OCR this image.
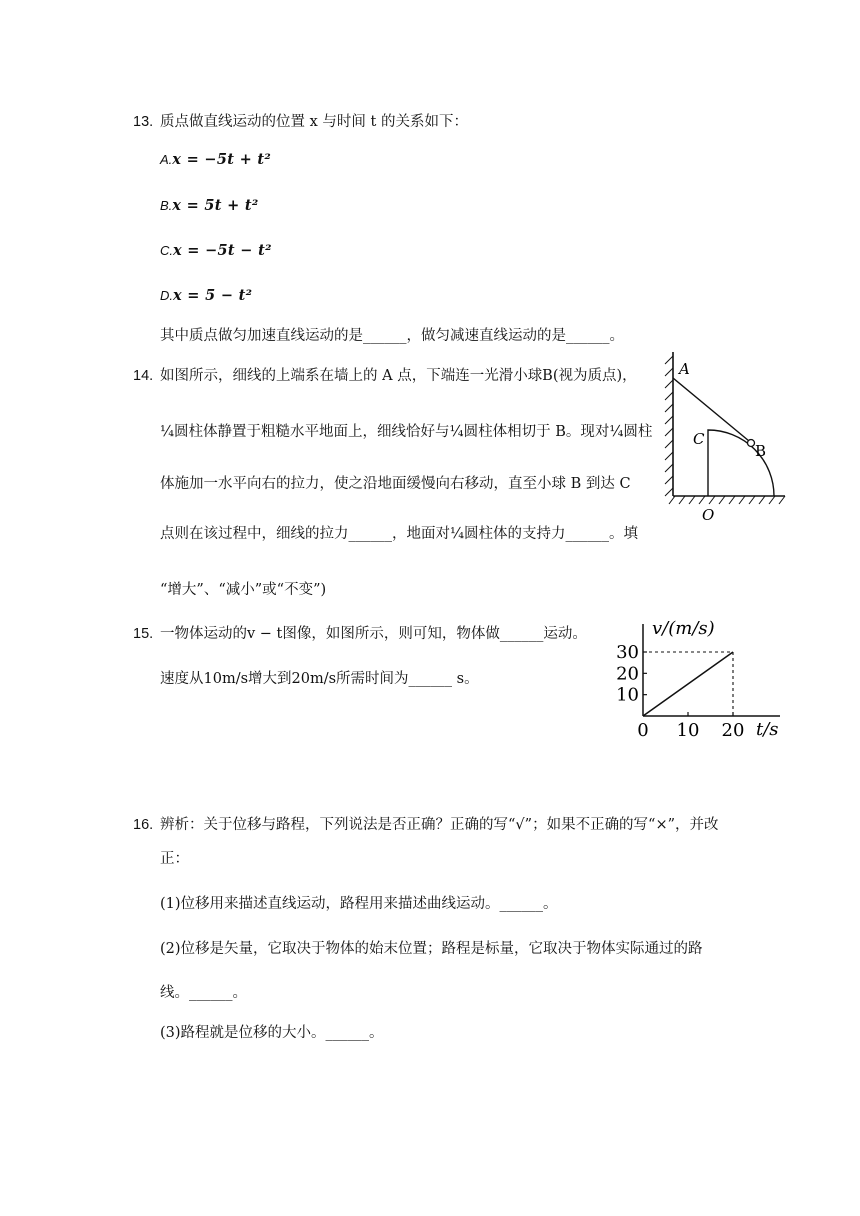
13. 质点做直线运动的位置 x 与时间 t 的关系如下：
A.x = −5t + t²
B.x = 5t + t²
C.x = −5t − t²
D.x = 5 − t²
其中质点做匀加速直线运动的是______，做匀减速直线运动的是______。
14. 如图所示，细线的上端系在墙上的 A 点，下端连一光滑小球B(视为质点)，
¼圆柱体静置于粗糙水平地面上，细线恰好与¼圆柱体相切于 B。现对¼圆柱
体施加一水平向右的拉力，使之沿地面缓慢向右移动，直至小球 B 到达 C
点则在该过程中，细线的拉力______，地面对¼圆柱体的支持力______。填
“增大”、“减小”或“不变”)
A
C
B
O
15. 一物体运动的v − t图像，如图所示，则可知，物体做______运动。
速度从10m/s增大到20m/s所需时间为______ s。
v/(m/s)
t/s
0 10 20
10
20
30
16. 辨析：关于位移与路程，下列说法是否正确？正确的写“√”；如果不正确的写“×”，并改
正：
(1)位移用来描述直线运动，路程用来描述曲线运动。______。
(2)位移是矢量，它取决于物体的始末位置；路程是标量，它取决于物体实际通过的路
线。______。
(3)路程就是位移的大小。______。
